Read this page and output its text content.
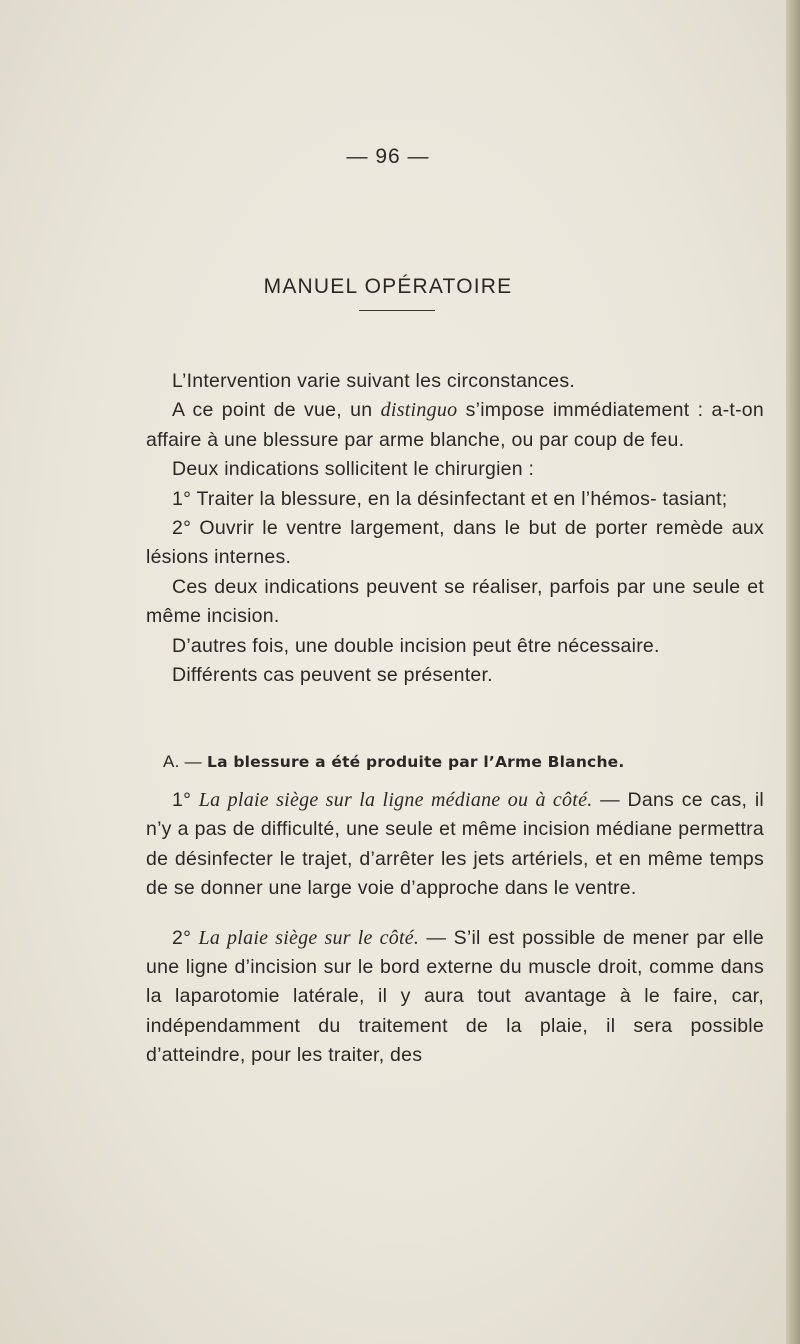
— 96 —
MANUEL OPÉRATOIRE

L’Intervention varie suivant les circonstances.

A ce point de vue, un distinguo s’impose immédiatement : a-t-on affaire à une blessure par arme blanche, ou par coup de feu.

Deux indications sollicitent le chirurgien :

1° Traiter la blessure, en la désinfectant et en l’hémos- tasiant;

2° Ouvrir le ventre largement, dans le but de porter remède aux lésions internes.

Ces deux indications peuvent se réaliser, parfois par une seule et même incision.

D’autres fois, une double incision peut être nécessaire.

Différents cas peuvent se présenter.

A. — La blessure a été produite par l’Arme Blanche.

1° La plaie siège sur la ligne médiane ou à côté. — Dans ce cas, il n’y a pas de difficulté, une seule et même incision médiane permettra de désinfecter le trajet, d’arrêter les jets artériels, et en même temps de se donner une large voie d’approche dans le ventre.

2° La plaie siège sur le côté. — S’il est possible de mener par elle une ligne d’incision sur le bord externe du muscle droit, comme dans la laparotomie latérale, il y aura tout avantage à le faire, car, indépendamment du traitement de la plaie, il sera possible d’atteindre, pour les traiter, des
